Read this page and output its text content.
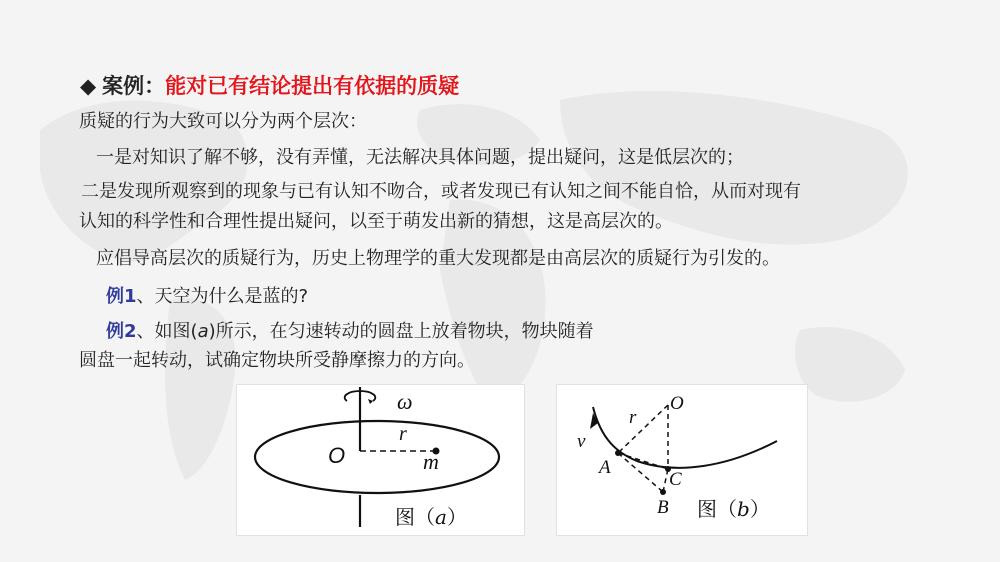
◆ 案例：能对已有结论提出有依据的质疑
质疑的行为大致可以分为两个层次：
一是对知识了解不够，没有弄懂，无法解决具体问题，提出疑问，这是低层次的；
二是发现所观察到的现象与已有认知不吻合，或者发现已有认知之间不能自恰，从而对现有
认知的科学性和合理性提出疑问，以至于萌发出新的猜想，这是高层次的。
应倡导高层次的质疑行为，历史上物理学的重大发现都是由高层次的质疑行为引发的。
例1、天空为什么是蓝的?
例2、如图(a)所示，在匀速转动的圆盘上放着物块，物块随着
圆盘一起转动，试确定物块所受静摩擦力的方向。
ω
r
O	m
图（a）
O
r
v
A
C
B 图（b）
